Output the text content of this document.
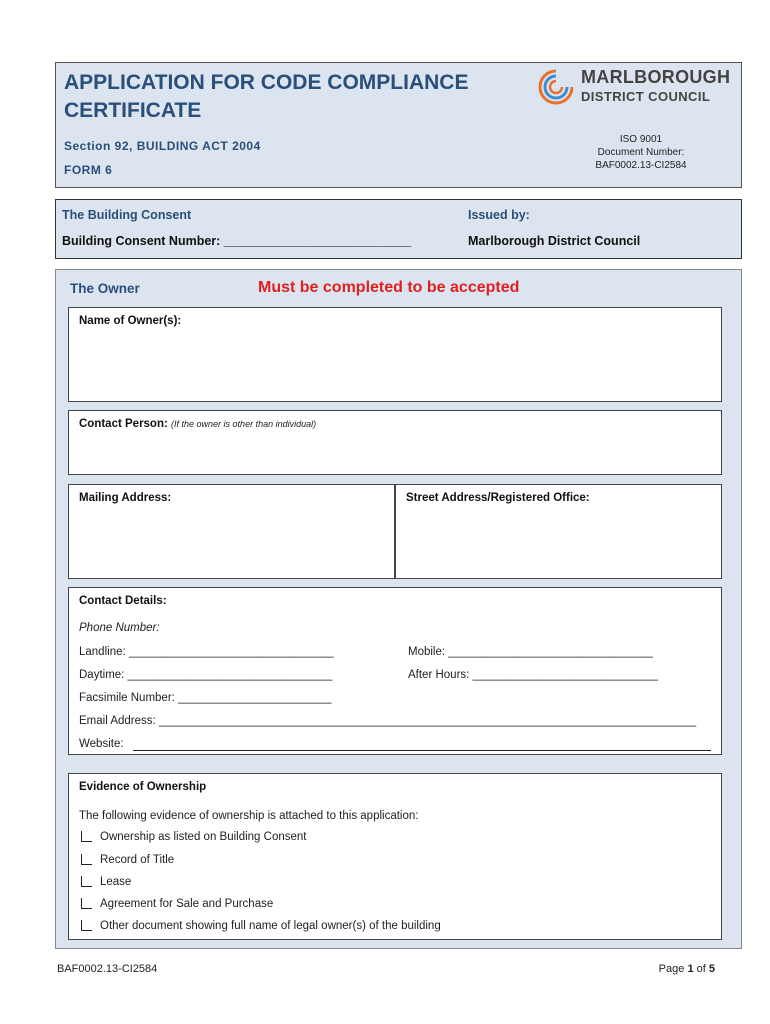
APPLICATION FOR CODE COMPLIANCE CERTIFICATE
Section 92, BUILDING ACT 2004
FORM 6
MARLBOROUGH
DISTRICT COUNCIL
ISO 9001
Document Number:
BAF0002.13-CI2584
The Building Consent
Building Consent Number: ___________________________
Issued by:
Marlborough District Council
The Owner	Must be completed to be accepted
Name of Owner(s):
Contact Person: (If the owner is other than individual)
Mailing Address:	Street Address/Registered Office:
Contact Details:
Phone Number:
Landline: ________________________________	Mobile: ________________________________
Daytime: ________________________________	After Hours: _____________________________
Facsimile Number: ________________________
Email Address: ____________________________________________________________________________________
Website:
Evidence of Ownership
The following evidence of ownership is attached to this application:
Ownership as listed on Building Consent
Record of Title
Lease
Agreement for Sale and Purchase
Other document showing full name of legal owner(s) of the building
BAF0002.13-CI2584	Page 1 of 5
